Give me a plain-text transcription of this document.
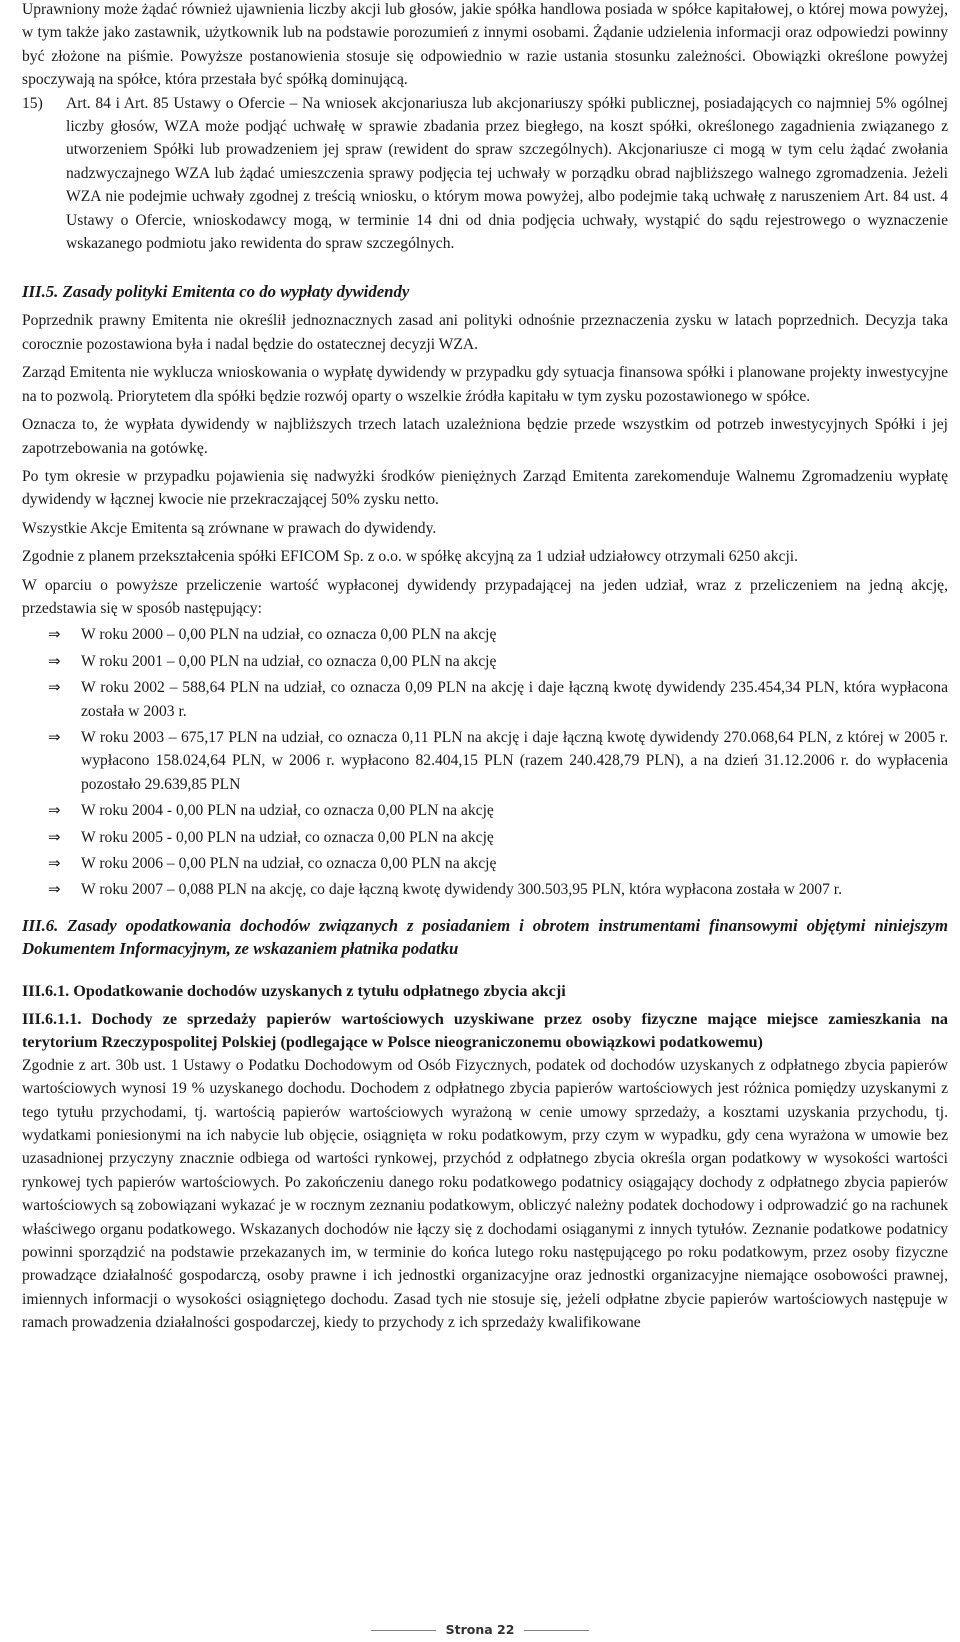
Uprawniony może żądać również ujawnienia liczby akcji lub głosów, jakie spółka handlowa posiada w spółce kapitałowej, o której mowa powyżej, w tym także jako zastawnik, użytkownik lub na podstawie porozumień z innymi osobami. Żądanie udzielenia informacji oraz odpowiedzi powinny być złożone na piśmie. Powyższe postanowienia stosuje się odpowiednio w razie ustania stosunku zależności. Obowiązki określone powyżej spoczywają na spółce, która przestała być spółką dominującą.

15)	Art. 84 i Art. 85 Ustawy o Ofercie – Na wniosek akcjonariusza lub akcjonariuszy spółki publicznej, posiadających co najmniej 5% ogólnej liczby głosów, WZA może podjąć uchwałę w sprawie zbadania przez biegłego, na koszt spółki, określonego zagadnienia związanego z utworzeniem Spółki lub prowadzeniem jej spraw (rewident do spraw szczególnych). Akcjonariusze ci mogą w tym celu żądać zwołania nadzwyczajnego WZA lub żądać umieszczenia sprawy podjęcia tej uchwały w porządku obrad najbliższego walnego zgromadzenia. Jeżeli WZA nie podejmie uchwały zgodnej z treścią wniosku, o którym mowa powyżej, albo podejmie taką uchwałę z naruszeniem Art. 84 ust. 4 Ustawy o Ofercie, wnioskodawcy mogą, w terminie 14 dni od dnia podjęcia uchwały, wystąpić do sądu rejestrowego o wyznaczenie wskazanego podmiotu jako rewidenta do spraw szczególnych.
III.5. Zasady polityki Emitenta co do wypłaty dywidendy

Poprzednik prawny Emitenta nie określił jednoznacznych zasad ani polityki odnośnie przeznaczenia zysku w latach poprzednich. Decyzja taka corocznie pozostawiona była i nadal będzie do ostatecznej decyzji WZA.

Zarząd Emitenta nie wyklucza wnioskowania o wypłatę dywidendy w przypadku gdy sytuacja finansowa spółki i planowane projekty inwestycyjne na to pozwolą. Priorytetem dla spółki będzie rozwój oparty o wszelkie źródła kapitału w tym zysku pozostawionego w spółce.

Oznacza to, że wypłata dywidendy w najbliższych trzech latach uzależniona będzie przede wszystkim od potrzeb inwestycyjnych Spółki i jej zapotrzebowania na gotówkę.

Po tym okresie w przypadku pojawienia się nadwyżki środków pieniężnych Zarząd Emitenta zarekomenduje Walnemu Zgromadzeniu wypłatę dywidendy w łącznej kwocie nie przekraczającej 50% zysku netto.

Wszystkie Akcje Emitenta są zrównane w prawach do dywidendy.

Zgodnie z planem przekształcenia spółki EFICOM Sp. z o.o. w spółkę akcyjną za 1 udział udziałowcy otrzymali 6250 akcji.

W oparciu o powyższe przeliczenie wartość wypłaconej dywidendy przypadającej na jeden udział, wraz z przeliczeniem na jedną akcję, przedstawia się w sposób następujący:

⇒	W roku 2000 – 0,00 PLN na udział, co oznacza 0,00 PLN na akcję
⇒	W roku 2001 – 0,00 PLN na udział, co oznacza 0,00 PLN na akcję
⇒	W roku 2002 – 588,64 PLN na udział, co oznacza 0,09 PLN na akcję i daje łączną kwotę dywidendy 235.454,34 PLN, która wypłacona została w 2003 r.
⇒	W roku 2003 – 675,17 PLN na udział, co oznacza 0,11 PLN na akcję i daje łączną kwotę dywidendy 270.068,64 PLN, z której w 2005 r. wypłacono 158.024,64 PLN, w 2006 r. wypłacono 82.404,15 PLN (razem 240.428,79 PLN), a na dzień 31.12.2006 r. do wypłacenia pozostało 29.639,85 PLN
⇒	W roku 2004 - 0,00 PLN na udział, co oznacza 0,00 PLN na akcję
⇒	W roku 2005 - 0,00 PLN na udział, co oznacza 0,00 PLN na akcję
⇒	W roku 2006 – 0,00 PLN na udział, co oznacza 0,00 PLN na akcję
⇒	W roku 2007 – 0,088 PLN na akcję, co daje łączną kwotę dywidendy 300.503,95 PLN, która wypłacona została w 2007 r.
III.6. Zasady opodatkowania dochodów związanych z posiadaniem i obrotem instrumentami finansowymi objętymi niniejszym Dokumentem Informacyjnym, ze wskazaniem płatnika podatku
III.6.1. Opodatkowanie dochodów uzyskanych z tytułu odpłatnego zbycia akcji
III.6.1.1. Dochody ze sprzedaży papierów wartościowych uzyskiwane przez osoby fizyczne mające miejsce zamieszkania na terytorium Rzeczypospolitej Polskiej (podlegające w Polsce nieograniczonemu obowiązkowi podatkowemu)

Zgodnie z art. 30b ust. 1 Ustawy o Podatku Dochodowym od Osób Fizycznych, podatek od dochodów uzyskanych z odpłatnego zbycia papierów wartościowych wynosi 19 % uzyskanego dochodu. Dochodem z odpłatnego zbycia papierów wartościowych jest różnica pomiędzy uzyskanymi z tego tytułu przychodami, tj. wartością papierów wartościowych wyrażoną w cenie umowy sprzedaży, a kosztami uzyskania przychodu, tj. wydatkami poniesionymi na ich nabycie lub objęcie, osiągnięta w roku podatkowym, przy czym w wypadku, gdy cena wyrażona w umowie bez uzasadnionej przyczyny znacznie odbiega od wartości rynkowej, przychód z odpłatnego zbycia określa organ podatkowy w wysokości wartości rynkowej tych papierów wartościowych. Po zakończeniu danego roku podatkowego podatnicy osiągający dochody z odpłatnego zbycia papierów wartościowych są zobowiązani wykazać je w rocznym zeznaniu podatkowym, obliczyć należny podatek dochodowy i odprowadzić go na rachunek właściwego organu podatkowego. Wskazanych dochodów nie łączy się z dochodami osiąganymi z innych tytułów. Zeznanie podatkowe podatnicy powinni sporządzić na podstawie przekazanych im, w terminie do końca lutego roku następującego po roku podatkowym, przez osoby fizyczne prowadzące działalność gospodarczą, osoby prawne i ich jednostki organizacyjne oraz jednostki organizacyjne niemające osobowości prawnej, imiennych informacji o wysokości osiągniętego dochodu. Zasad tych nie stosuje się, jeżeli odpłatne zbycie papierów wartościowych następuje w ramach prowadzenia działalności gospodarczej, kiedy to przychody z ich sprzedaży kwalifikowane

Strona 22
